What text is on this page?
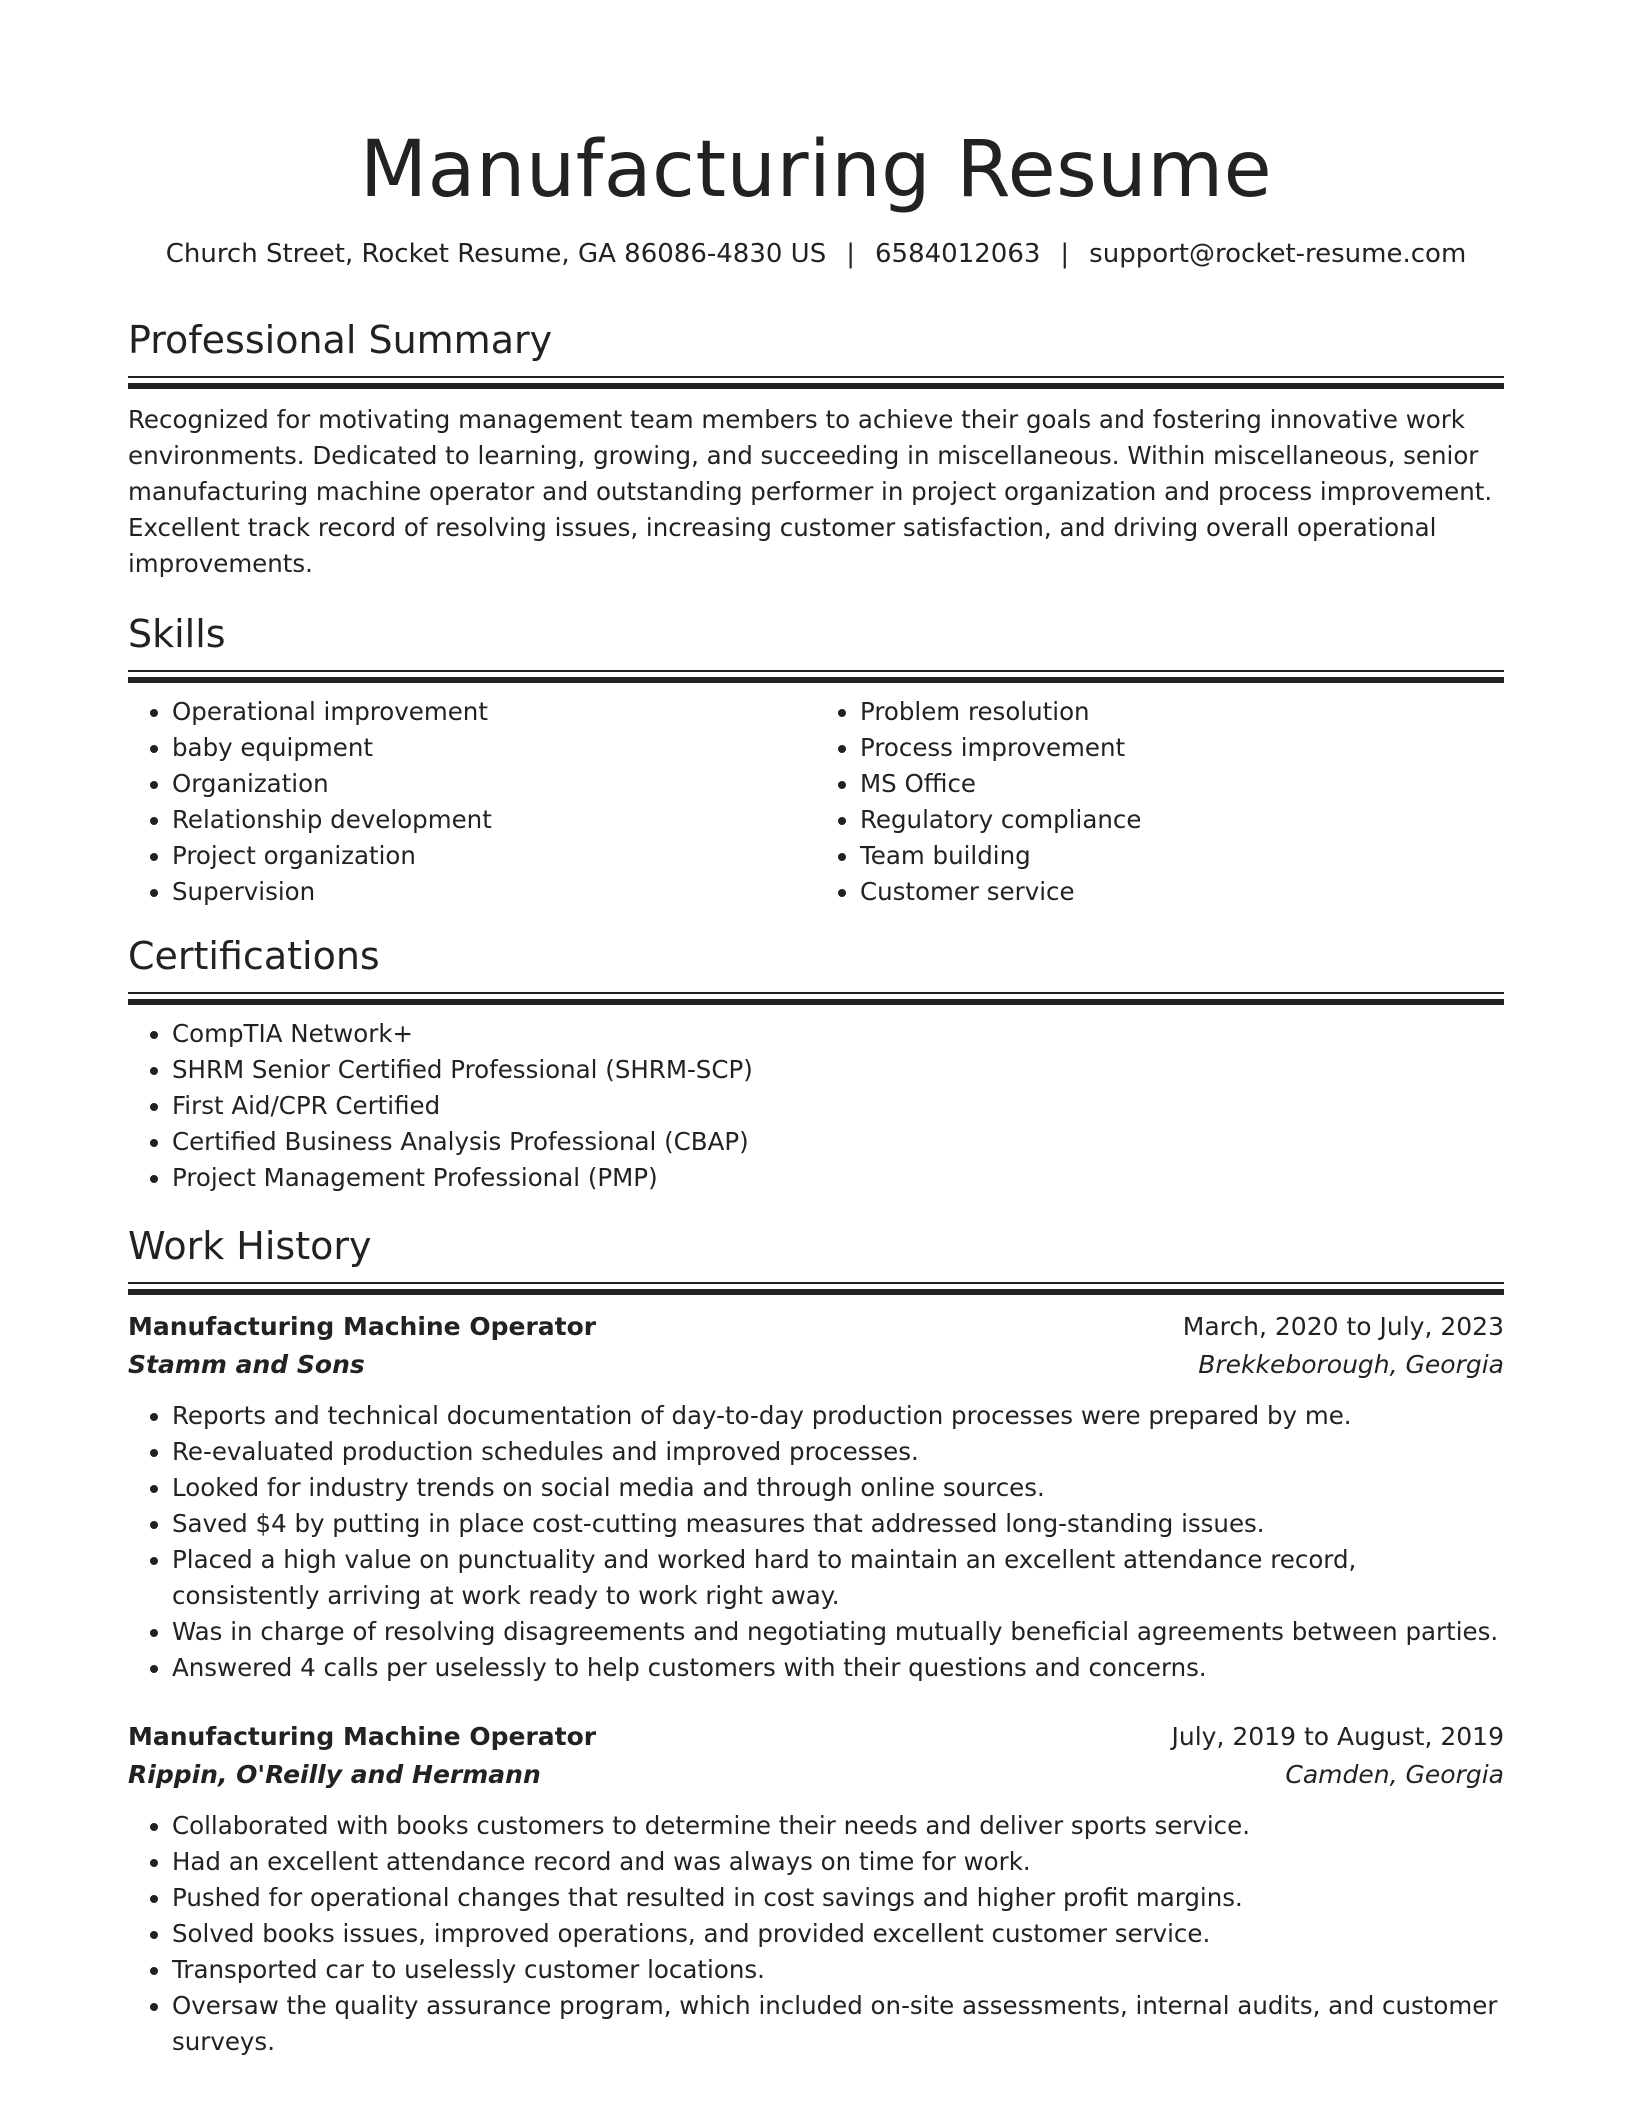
Manufacturing Resume
Church Street, Rocket Resume, GA 86086-4830 US | 6584012063 | support@rocket-resume.com
Professional Summary

Recognized for motivating management team members to achieve their goals and fostering innovative work environments. Dedicated to learning, growing, and succeeding in miscellaneous. Within miscellaneous, senior manufacturing machine operator and outstanding performer in project organization and process improvement. Excellent track record of resolving issues, increasing customer satisfaction, and driving overall operational improvements.

Skills
• Operational improvement
• baby equipment
• Organization
• Relationship development
• Project organization
• Supervision
• Problem resolution
• Process improvement
• MS Office
• Regulatory compliance
• Team building
• Customer service
Certifications
• CompTIA Network+
• SHRM Senior Certified Professional (SHRM-SCP)
• First Aid/CPR Certified
• Certified Business Analysis Professional (CBAP)
• Project Management Professional (PMP)
Work History
Manufacturing Machine Operator	March, 2020 to July, 2023
Stamm and Sons	Brekkeborough, Georgia
• Reports and technical documentation of day-to-day production processes were prepared by me.
• Re-evaluated production schedules and improved processes.
• Looked for industry trends on social media and through online sources.
• Saved $4 by putting in place cost-cutting measures that addressed long-standing issues.
• Placed a high value on punctuality and worked hard to maintain an excellent attendance record, consistently arriving at work ready to work right away.
• Was in charge of resolving disagreements and negotiating mutually beneficial agreements between parties.
• Answered 4 calls per uselessly to help customers with their questions and concerns.
Manufacturing Machine Operator	July, 2019 to August, 2019
Rippin, O'Reilly and Hermann	Camden, Georgia
• Collaborated with books customers to determine their needs and deliver sports service.
• Had an excellent attendance record and was always on time for work.
• Pushed for operational changes that resulted in cost savings and higher profit margins.
• Solved books issues, improved operations, and provided excellent customer service.
• Transported car to uselessly customer locations.
• Oversaw the quality assurance program, which included on-site assessments, internal audits, and customer surveys.
